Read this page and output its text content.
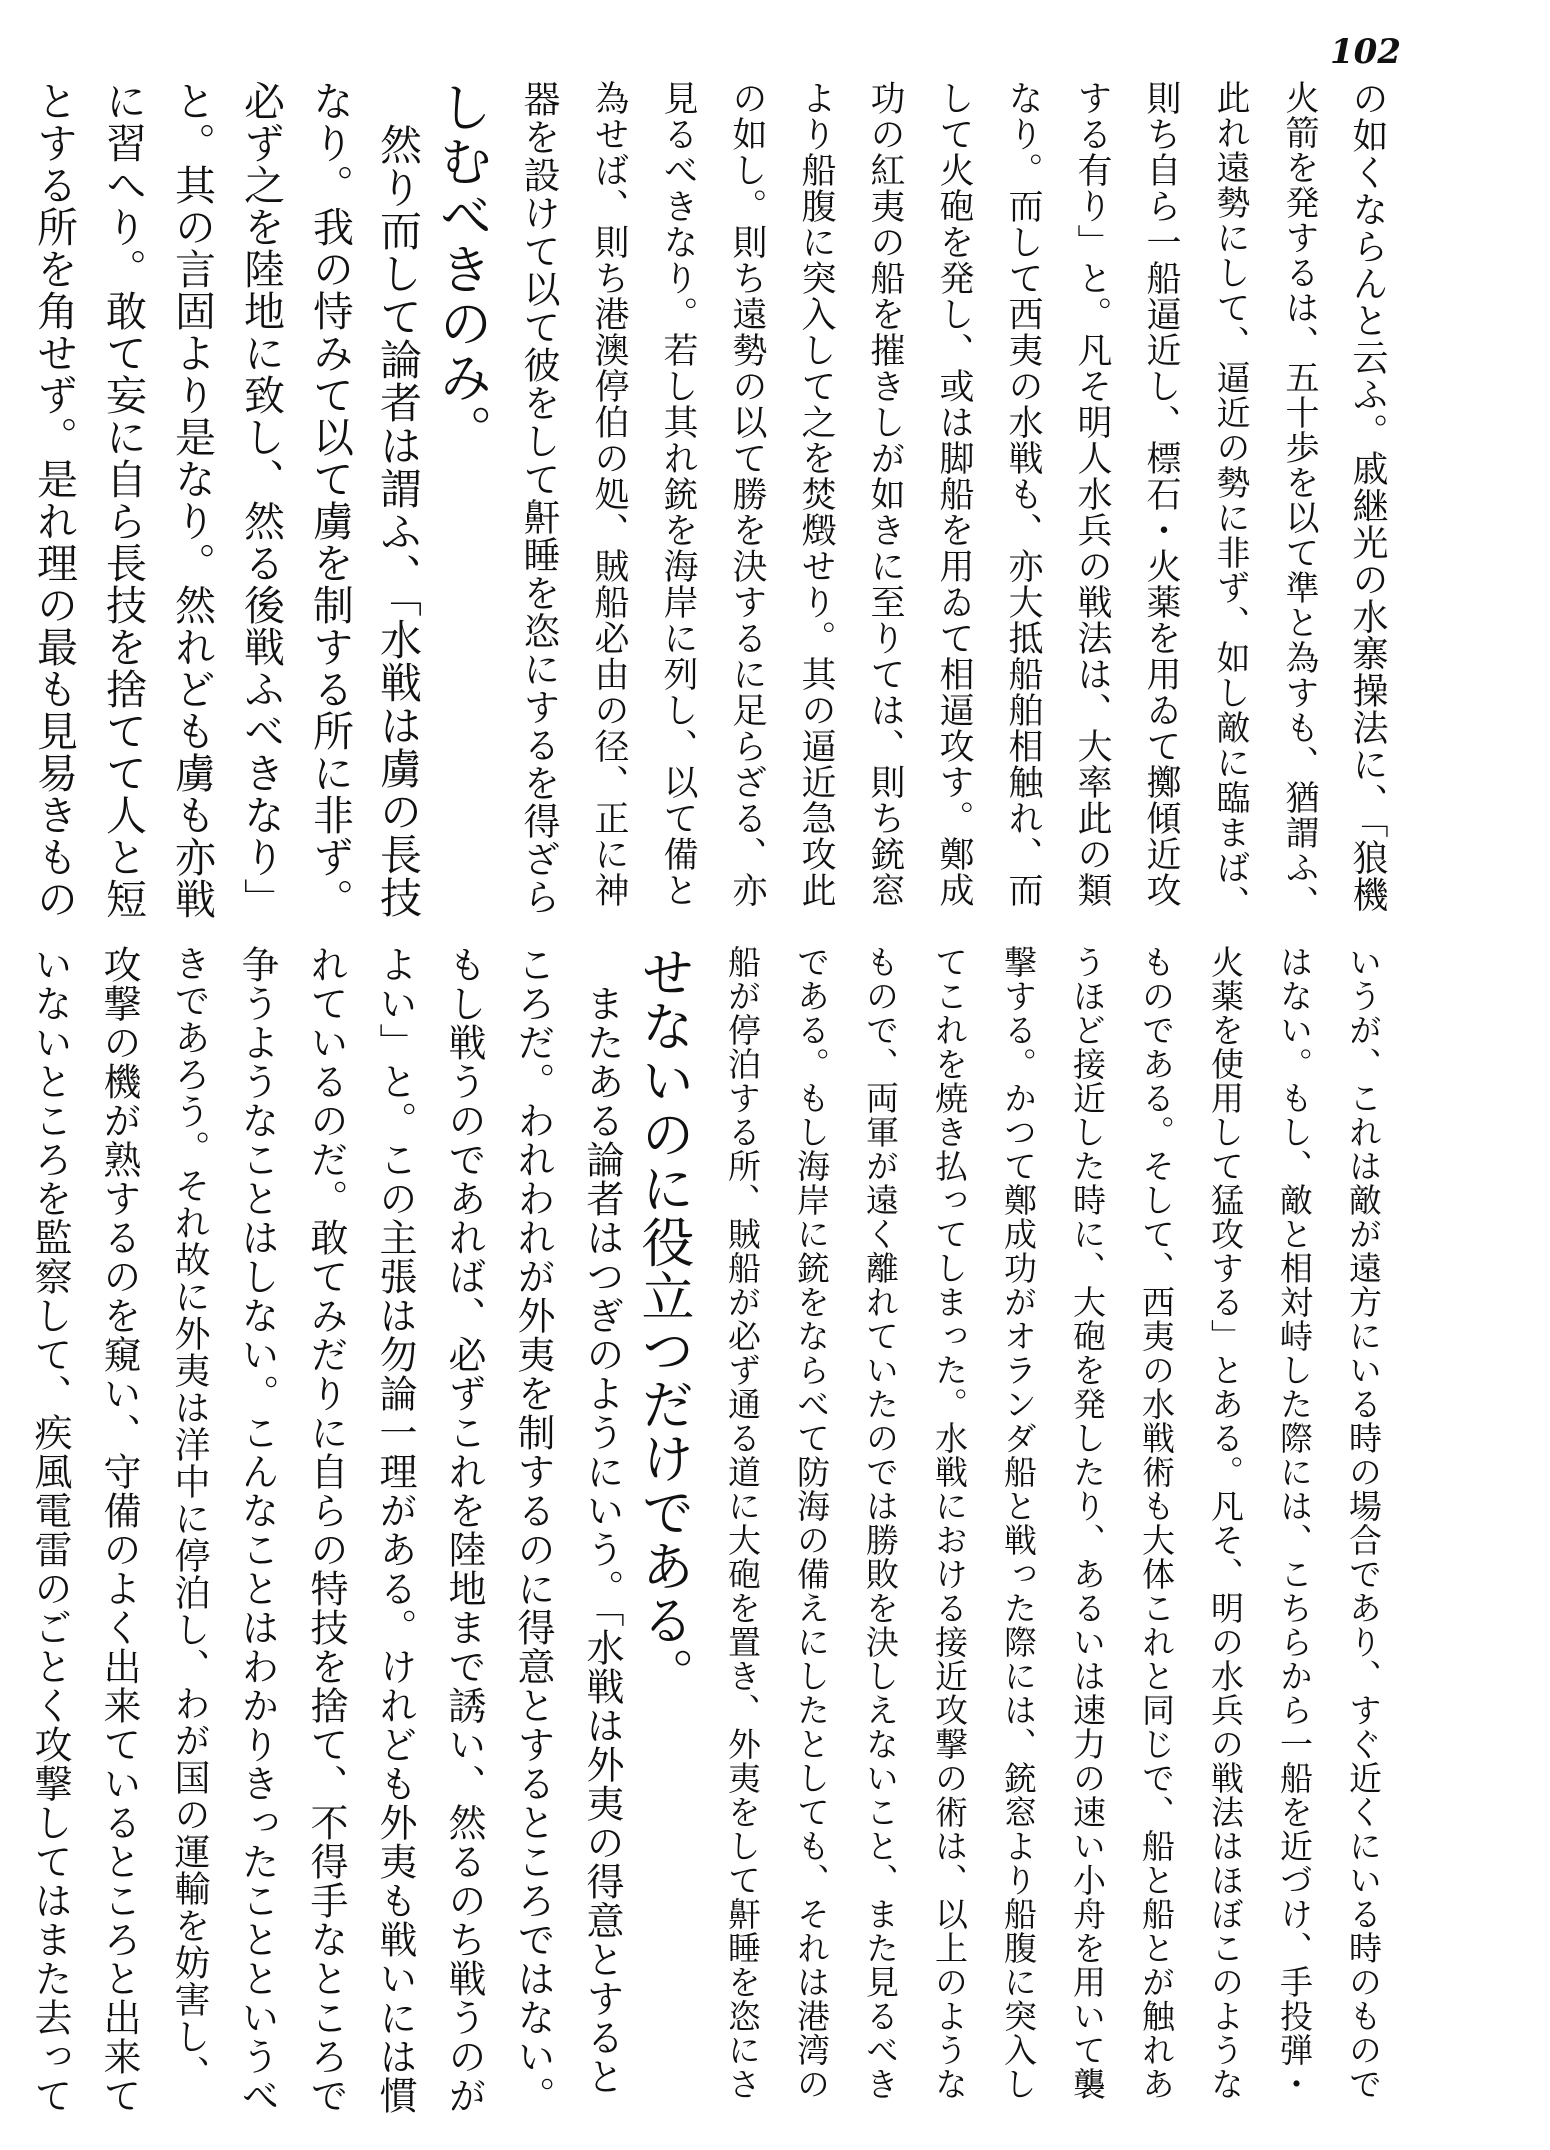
102
の如くならんと云ふ。戚継光の水寨操法に、「狼機
火箭を発するは、五十歩を以て準と為すも、猶謂ふ、
此れ遠勢にして、逼近の勢に非ず、如し敵に臨まば、
則ち自ら一船逼近し、標石・火薬を用ゐて擲傾近攻
する有り」と。凡そ明人水兵の戦法は、大率此の類
なり。而して西夷の水戦も、亦大抵船舶相触れ、而
して火砲を発し、或は脚船を用ゐて相逼攻す。鄭成
功の紅夷の船を摧きしが如きに至りては、則ち銃窓
より船腹に突入して之を焚燬せり。其の逼近急攻此
の如し。則ち遠勢の以て勝を決するに足らざる、亦
見るべきなり。若し其れ銃を海岸に列し、以て備と
為せば、則ち港澳停伯の処、賊船必由の径、正に神
器を設けて以て彼をして鼾睡を恣にするを得ざら
しむべきのみ。
　然り而して論者は謂ふ、「水戦は虜の長技
なり。我の恃みて以て虜を制する所に非ず。
必ず之を陸地に致し、然る後戦ふべきなり」
と。其の言固より是なり。然れども虜も亦戦
に習へり。敢て妄に自ら長技を捨てて人と短
とする所を角せず。是れ理の最も見易きもの
いうが、これは敵が遠方にいる時の場合であり、すぐ近くにいる時のもので
はない。もし、敵と相対峙した際には、こちらから一船を近づけ、手投弾・
火薬を使用して猛攻する」とある。凡そ、明の水兵の戦法はほぼこのような
ものである。そして、西夷の水戦術も大体これと同じで、船と船とが触れあ
うほど接近した時に、大砲を発したり、あるいは速力の速い小舟を用いて襲
撃する。かつて鄭成功がオランダ船と戦った際には、銃窓より船腹に突入し
てこれを焼き払ってしまった。水戦における接近攻撃の術は、以上のような
もので、両軍が遠く離れていたのでは勝敗を決しえないこと、また見るべき
である。もし海岸に銃をならべて防海の備えにしたとしても、それは港湾の
船が停泊する所、賊船が必ず通る道に大砲を置き、外夷をして鼾睡を恣にさ
せないのに役立つだけである。
　またある論者はつぎのようにいう。「水戦は外夷の得意とすると
ころだ。われわれが外夷を制するのに得意とするところではない。
もし戦うのであれば、必ずこれを陸地まで誘い、然るのち戦うのが
よい」と。この主張は勿論一理がある。けれども外夷も戦いには慣
れているのだ。敢てみだりに自らの特技を捨て、不得手なところで
争うようなことはしない。こんなことはわかりきったことというべ
きであろう。それ故に外夷は洋中に停泊し、わが国の運輸を妨害し、
攻撃の機が熟するのを窺い、守備のよく出来ているところと出来て
いないところを監察して、疾風電雷のごとく攻撃してはまた去って
